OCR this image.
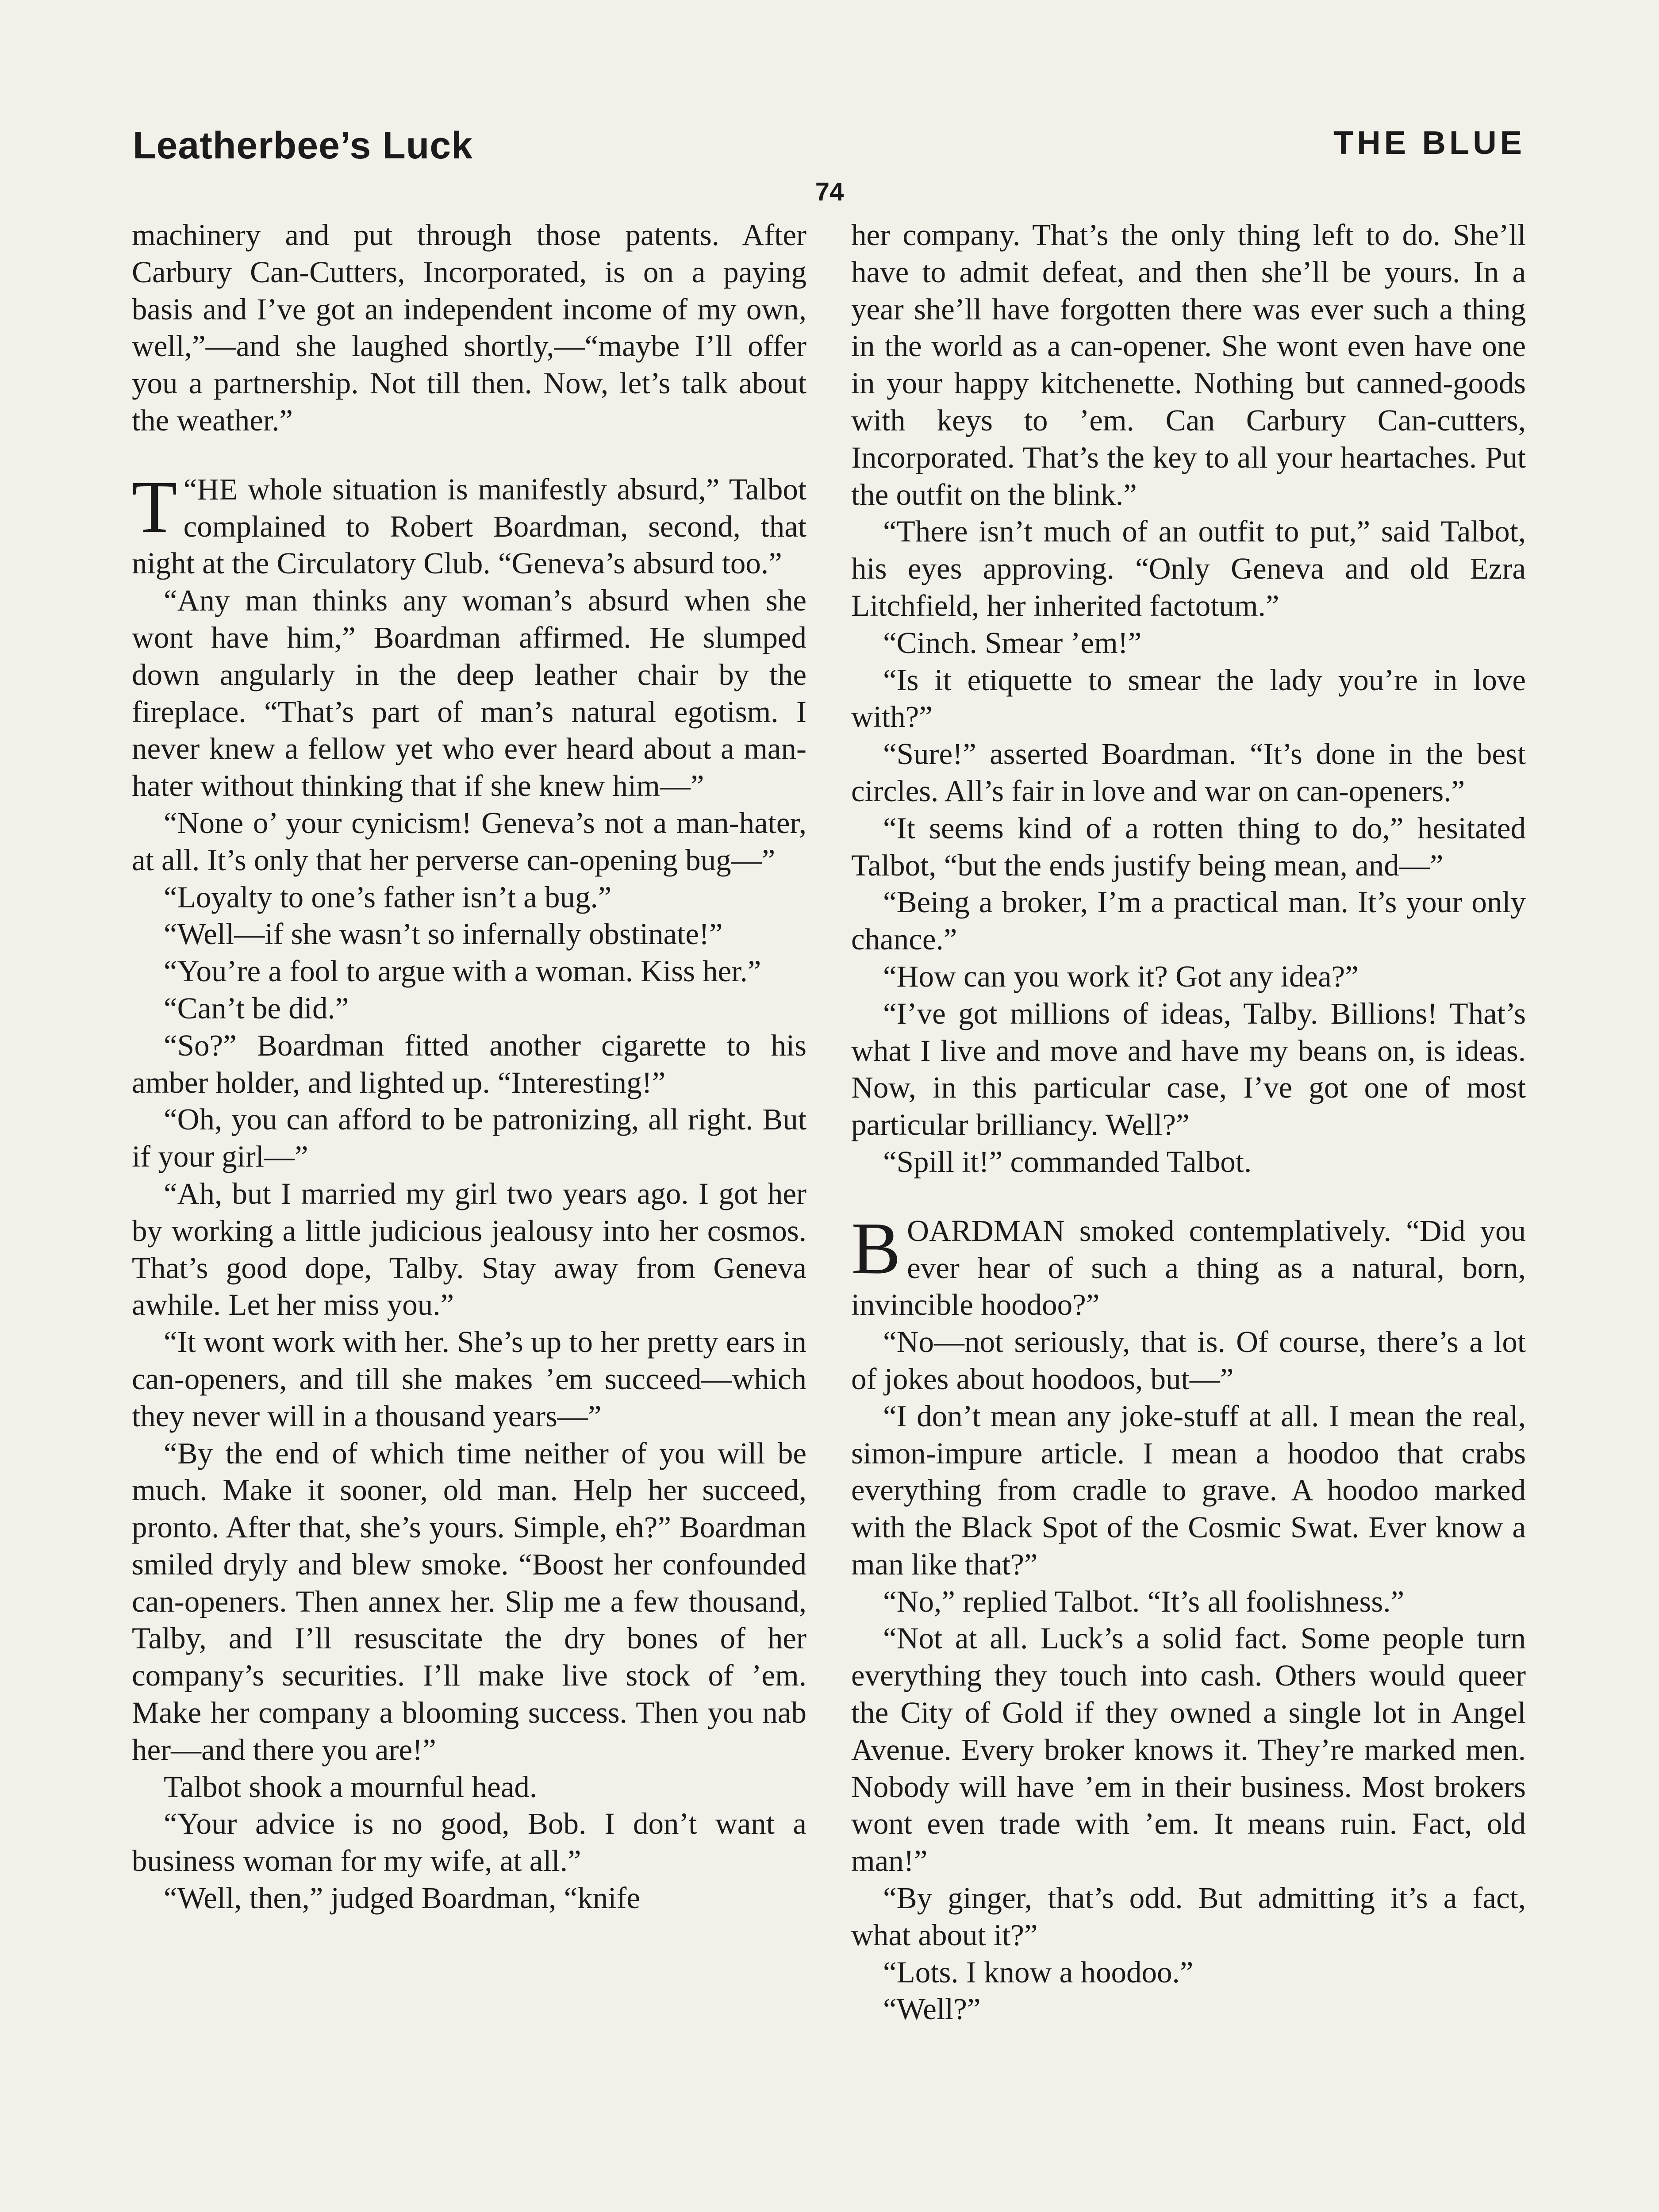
Leatherbee’s Luck	THE BLUE
74

machinery and put through those patents. After Carbury Can-Cutters, Incorporated, is on a paying basis and I’ve got an independent income of my own, well,”—and she laughed shortly,—“maybe I’ll offer you a partnership. Not till then. Now, let’s talk about the weather.”

“
T HE whole situation is manifestly absurd,” Talbot complained to Robert Boardman, second, that night at the Circulatory Club. “Geneva’s absurd too.”

“Any man thinks any woman’s absurd when she wont have him,” Boardman affirmed. He slumped down angularly in the deep leather chair by the fireplace. “That’s part of man’s natural egotism. I never knew a fellow yet who ever heard about a man-hater without thinking that if she knew him—”

“None o’ your cynicism! Geneva’s not a man-hater, at all. It’s only that her perverse can-opening bug—”

“Loyalty to one’s father isn’t a bug.”

“Well—if she wasn’t so infernally obstinate!”

“You’re a fool to argue with a woman. Kiss her.”

“Can’t be did.”

“So?” Boardman fitted another cigarette to his amber holder, and lighted up. “Interesting!”

“Oh, you can afford to be patronizing, all right. But if your girl—”

“Ah, but I married my girl two years ago. I got her by working a little judicious jealousy into her cosmos. That’s good dope, Talby. Stay away from Geneva awhile. Let her miss you.”

“It wont work with her. She’s up to her pretty ears in can-openers, and till she makes ’em succeed—which they never will in a thousand years—”

“By the end of which time neither of you will be much. Make it sooner, old man. Help her succeed, pronto. After that, she’s yours. Simple, eh?” Boardman smiled dryly and blew smoke. “Boost her confounded can-openers. Then annex her. Slip me a few thousand, Talby, and I’ll resuscitate the dry bones of her company’s securities. I’ll make live stock of ’em. Make her company a blooming success. Then you nab her—and there you are!”

Talbot shook a mournful head.

“Your advice is no good, Bob. I don’t want a business woman for my wife, at all.”

“Well, then,” judged Boardman, “knife

her company. That’s the only thing left to do. She’ll have to admit defeat, and then she’ll be yours. In a year she’ll have forgotten there was ever such a thing in the world as a can-opener. She wont even have one in your happy kitchenette. Nothing but canned-goods with keys to ’em. Can Carbury Can-cutters, Incorporated. That’s the key to all your heartaches. Put the outfit on the blink.”

“There isn’t much of an outfit to put,” said Talbot, his eyes approving. “Only Geneva and old Ezra Litchfield, her inherited factotum.”

“Cinch. Smear ’em!”

“Is it etiquette to smear the lady you’re in love with?”

“Sure!” asserted Boardman. “It’s done in the best circles. All’s fair in love and war on can-openers.”

“It seems kind of a rotten thing to do,” hesitated Talbot, “but the ends justify being mean, and—”

“Being a broker, I’m a practical man. It’s your only chance.”

“How can you work it? Got any idea?”

“I’ve got millions of ideas, Talby. Billions! That’s what I live and move and have my beans on, is ideas. Now, in this particular case, I’ve got one of most particular brilliancy. Well?”

“Spill it!” commanded Talbot.

BOARDMAN smoked contemplatively. “Did you ever hear of such a thing as a natural, born, invincible hoodoo?”

“No—not seriously, that is. Of course, there’s a lot of jokes about hoodoos, but—”

“I don’t mean any joke-stuff at all. I mean the real, simon-impure article. I mean a hoodoo that crabs everything from cradle to grave. A hoodoo marked with the Black Spot of the Cosmic Swat. Ever know a man like that?”

“No,” replied Talbot. “It’s all foolishness.”

“Not at all. Luck’s a solid fact. Some people turn everything they touch into cash. Others would queer the City of Gold if they owned a single lot in Angel Avenue. Every broker knows it. They’re marked men. Nobody will have ’em in their business. Most brokers wont even trade with ’em. It means ruin. Fact, old man!”

“By ginger, that’s odd. But admitting it’s a fact, what about it?”

“Lots. I know a hoodoo.”

“Well?”
